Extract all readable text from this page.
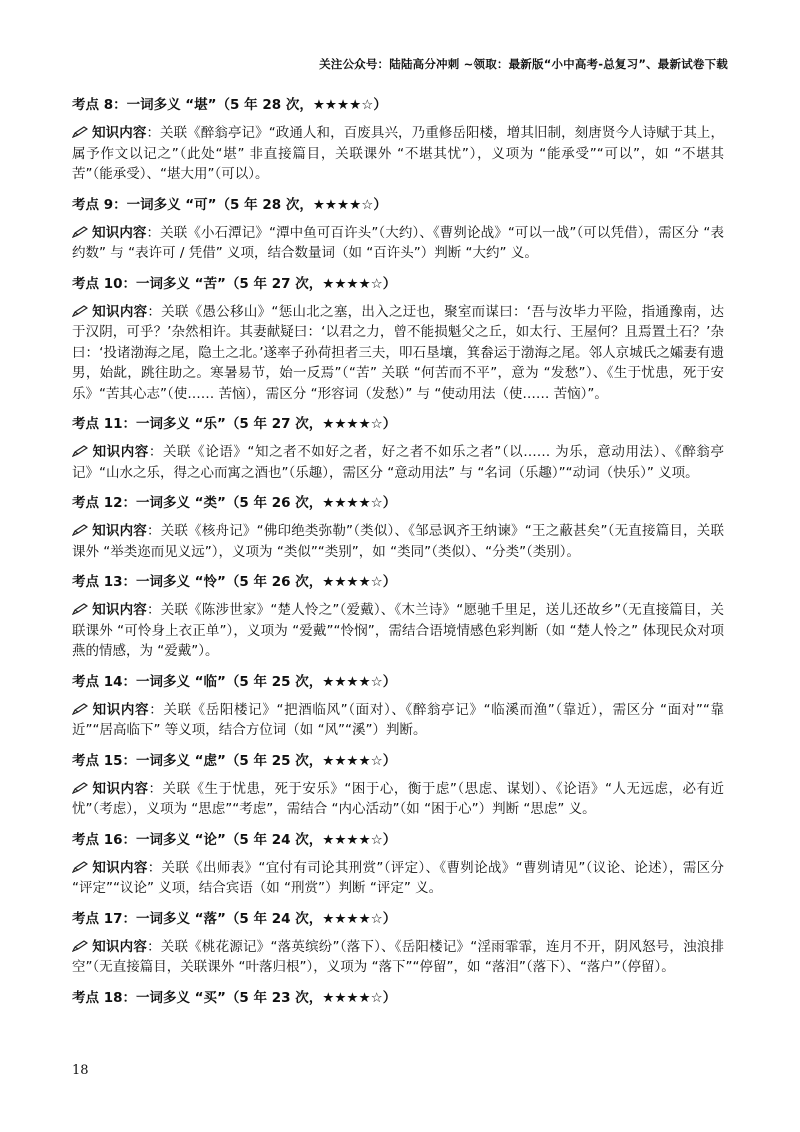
关注公众号：陆陆高分冲刺 ~领取：最新版“小中高考-总复习”、最新试卷下载
考点 8：一词多义 “堪”（5 年 28 次，★★★★☆）
知识内容：关联《醉翁亭记》“政通人和，百废具兴，乃重修岳阳楼，增其旧制，刻唐贤今人诗赋于其上，属予作文以记之”（此处“堪” 非直接篇目，关联课外 “不堪其忧”），义项为 “能承受”“可以”，如 “不堪其苦”（能承受）、“堪大用”（可以）。
考点 9：一词多义 “可”（5 年 28 次，★★★★☆）
知识内容：关联《小石潭记》“潭中鱼可百许头”（大约）、《曹刿论战》“可以一战”（可以凭借），需区分 “表约数” 与 “表许可 / 凭借” 义项，结合数量词（如 “百许头”）判断 “大约” 义。
考点 10：一词多义 “苦”（5 年 27 次，★★★★☆）
知识内容：关联《愚公移山》“惩山北之塞，出入之迂也，聚室而谋曰：‘吾与汝毕力平险，指通豫南，达于汉阴，可乎？’杂然相许。其妻献疑曰：‘以君之力，曾不能损魁父之丘，如太行、王屋何？且焉置土石？’杂曰：‘投诸渤海之尾，隐土之北。’遂率子孙荷担者三夫，叩石垦壤，箕畚运于渤海之尾。邻人京城氏之孀妻有遗男，始龀，跳往助之。寒暑易节，始一反焉”（“苦” 关联 “何苦而不平”，意为 “发愁”）、《生于忧患，死于安乐》“苦其心志”（使…… 苦恼），需区分 “形容词（发愁）” 与 “使动用法（使…… 苦恼）”。
考点 11：一词多义 “乐”（5 年 27 次，★★★★☆）
知识内容：关联《论语》“知之者不如好之者，好之者不如乐之者”（以…… 为乐，意动用法）、《醉翁亭记》“山水之乐，得之心而寓之酒也”（乐趣），需区分 “意动用法” 与 “名词（乐趣）”“动词（快乐）” 义项。
考点 12：一词多义 “类”（5 年 26 次，★★★★☆）
知识内容：关联《核舟记》“佛印绝类弥勒”（类似）、《邹忌讽齐王纳谏》“王之蔽甚矣”（无直接篇目，关联课外 “举类迩而见义远”），义项为 “类似”“类别”，如 “类同”（类似）、“分类”（类别）。
考点 13：一词多义 “怜”（5 年 26 次，★★★★☆）
知识内容：关联《陈涉世家》“楚人怜之”（爱戴）、《木兰诗》“愿驰千里足，送儿还故乡”（无直接篇目，关联课外 “可怜身上衣正单”），义项为 “爱戴”“怜悯”，需结合语境情感色彩判断（如 “楚人怜之” 体现民众对项燕的情感，为 “爱戴”）。
考点 14：一词多义 “临”（5 年 25 次，★★★★☆）
知识内容：关联《岳阳楼记》“把酒临风”（面对）、《醉翁亭记》“临溪而渔”（靠近），需区分 “面对”“靠近”“居高临下” 等义项，结合方位词（如 “风”“溪”）判断。
考点 15：一词多义 “虑”（5 年 25 次，★★★★☆）
知识内容：关联《生于忧患，死于安乐》“困于心，衡于虑”（思虑、谋划）、《论语》“人无远虑，必有近忧”（考虑），义项为 “思虑”“考虑”，需结合 “内心活动”（如 “困于心”）判断 “思虑” 义。
考点 16：一词多义 “论”（5 年 24 次，★★★★☆）
知识内容：关联《出师表》“宜付有司论其刑赏”（评定）、《曹刿论战》“曹刿请见”（议论、论述），需区分 “评定”“议论” 义项，结合宾语（如 “刑赏”）判断 “评定” 义。
考点 17：一词多义 “落”（5 年 24 次，★★★★☆）
知识内容：关联《桃花源记》“落英缤纷”（落下）、《岳阳楼记》“淫雨霏霏，连月不开，阴风怒号，浊浪排空”（无直接篇目，关联课外 “叶落归根”），义项为 “落下”“停留”，如 “落泪”（落下）、“落户”（停留）。
考点 18：一词多义 “买”（5 年 23 次，★★★★☆）
18
